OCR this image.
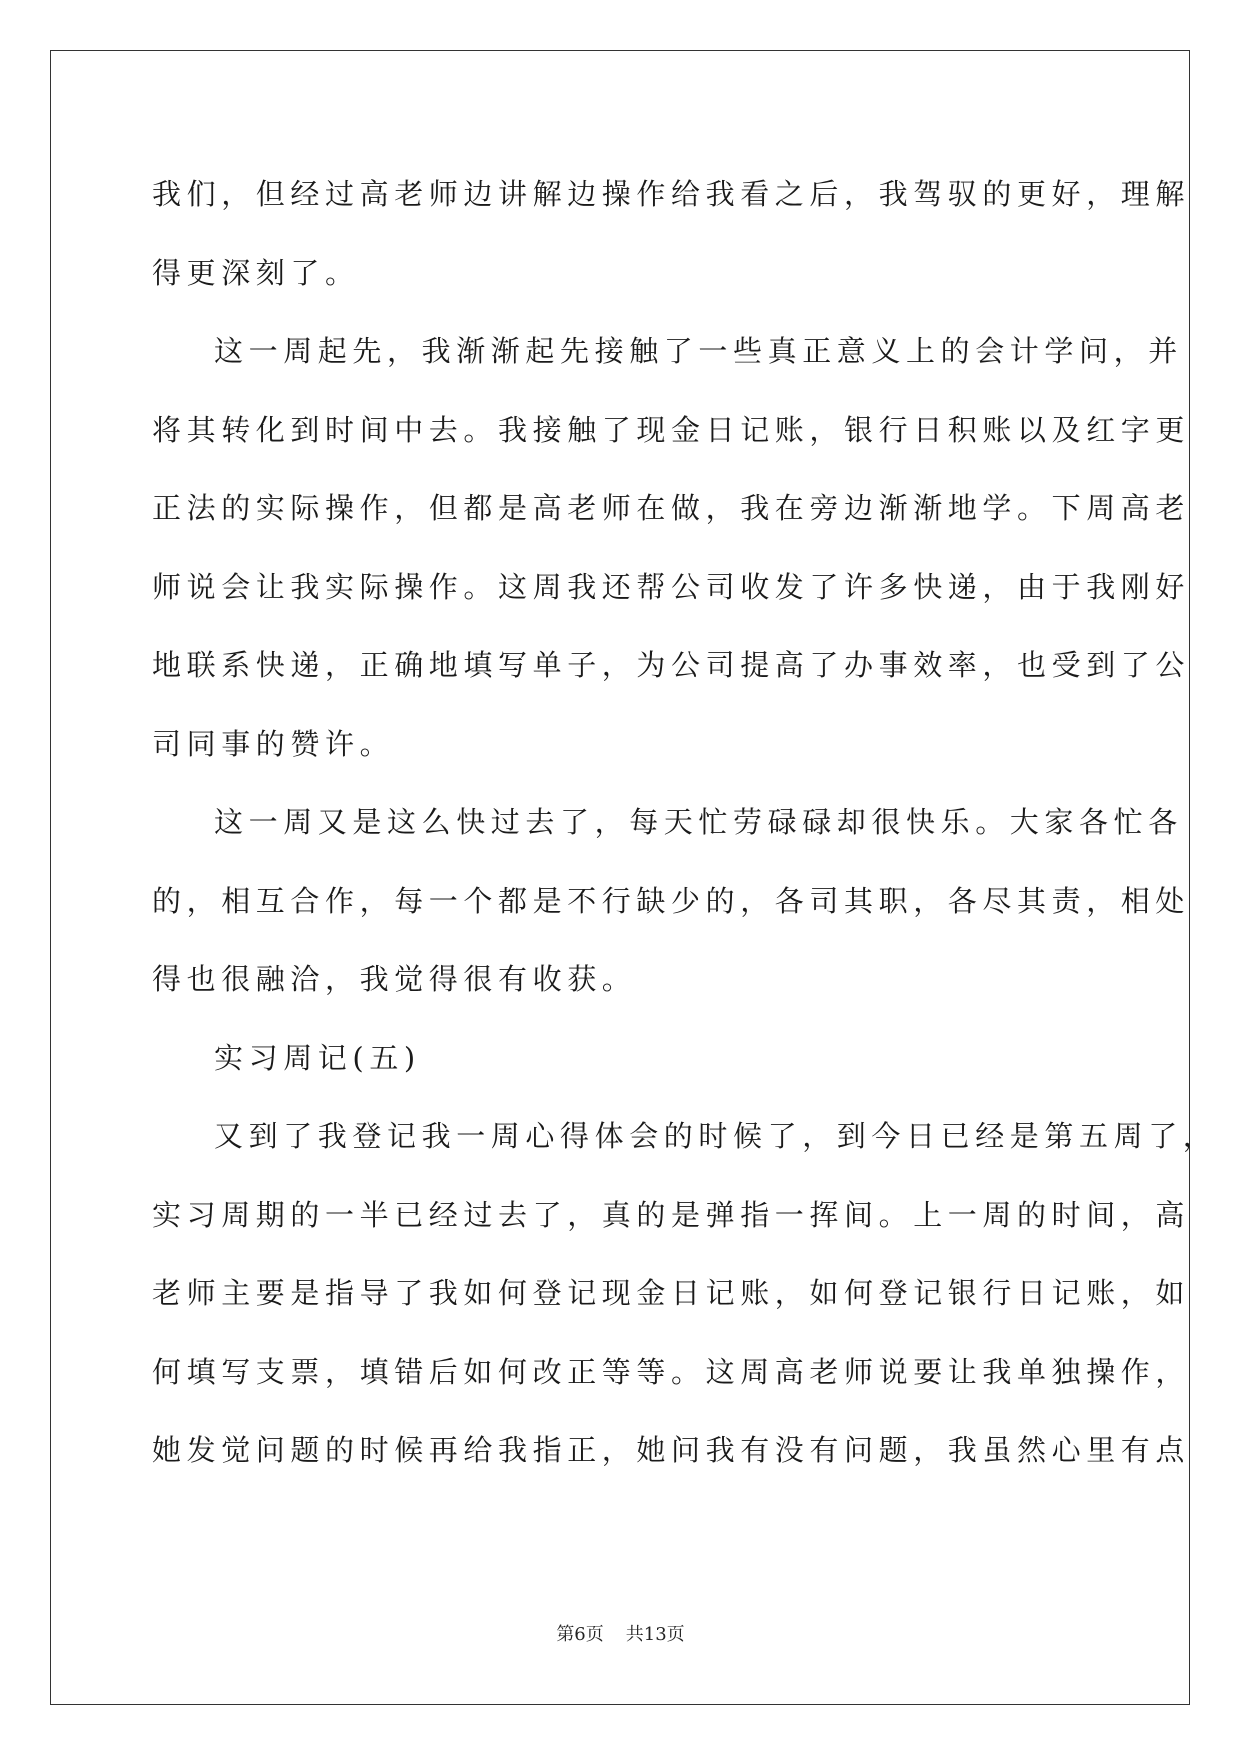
我们，但经过高老师边讲解边操作给我看之后，我驾驭的更好，理解
得更深刻了。
这一周起先，我渐渐起先接触了一些真正意义上的会计学问，并
将其转化到时间中去。我接触了现金日记账，银行日积账以及红字更
正法的实际操作，但都是高老师在做，我在旁边渐渐地学。下周高老
师说会让我实际操作。这周我还帮公司收发了许多快递，由于我刚好
地联系快递，正确地填写单子，为公司提高了办事效率，也受到了公
司同事的赞许。
这一周又是这么快过去了，每天忙劳碌碌却很快乐。大家各忙各
的，相互合作，每一个都是不行缺少的，各司其职，各尽其责，相处
得也很融洽，我觉得很有收获。
实习周记(五)
又到了我登记我一周心得体会的时候了，到今日已经是第五周了，
实习周期的一半已经过去了，真的是弹指一挥间。上一周的时间，高
老师主要是指导了我如何登记现金日记账，如何登记银行日记账，如
何填写支票，填错后如何改正等等。这周高老师说要让我单独操作，
她发觉问题的时候再给我指正，她问我有没有问题，我虽然心里有点
第6页 共13页
